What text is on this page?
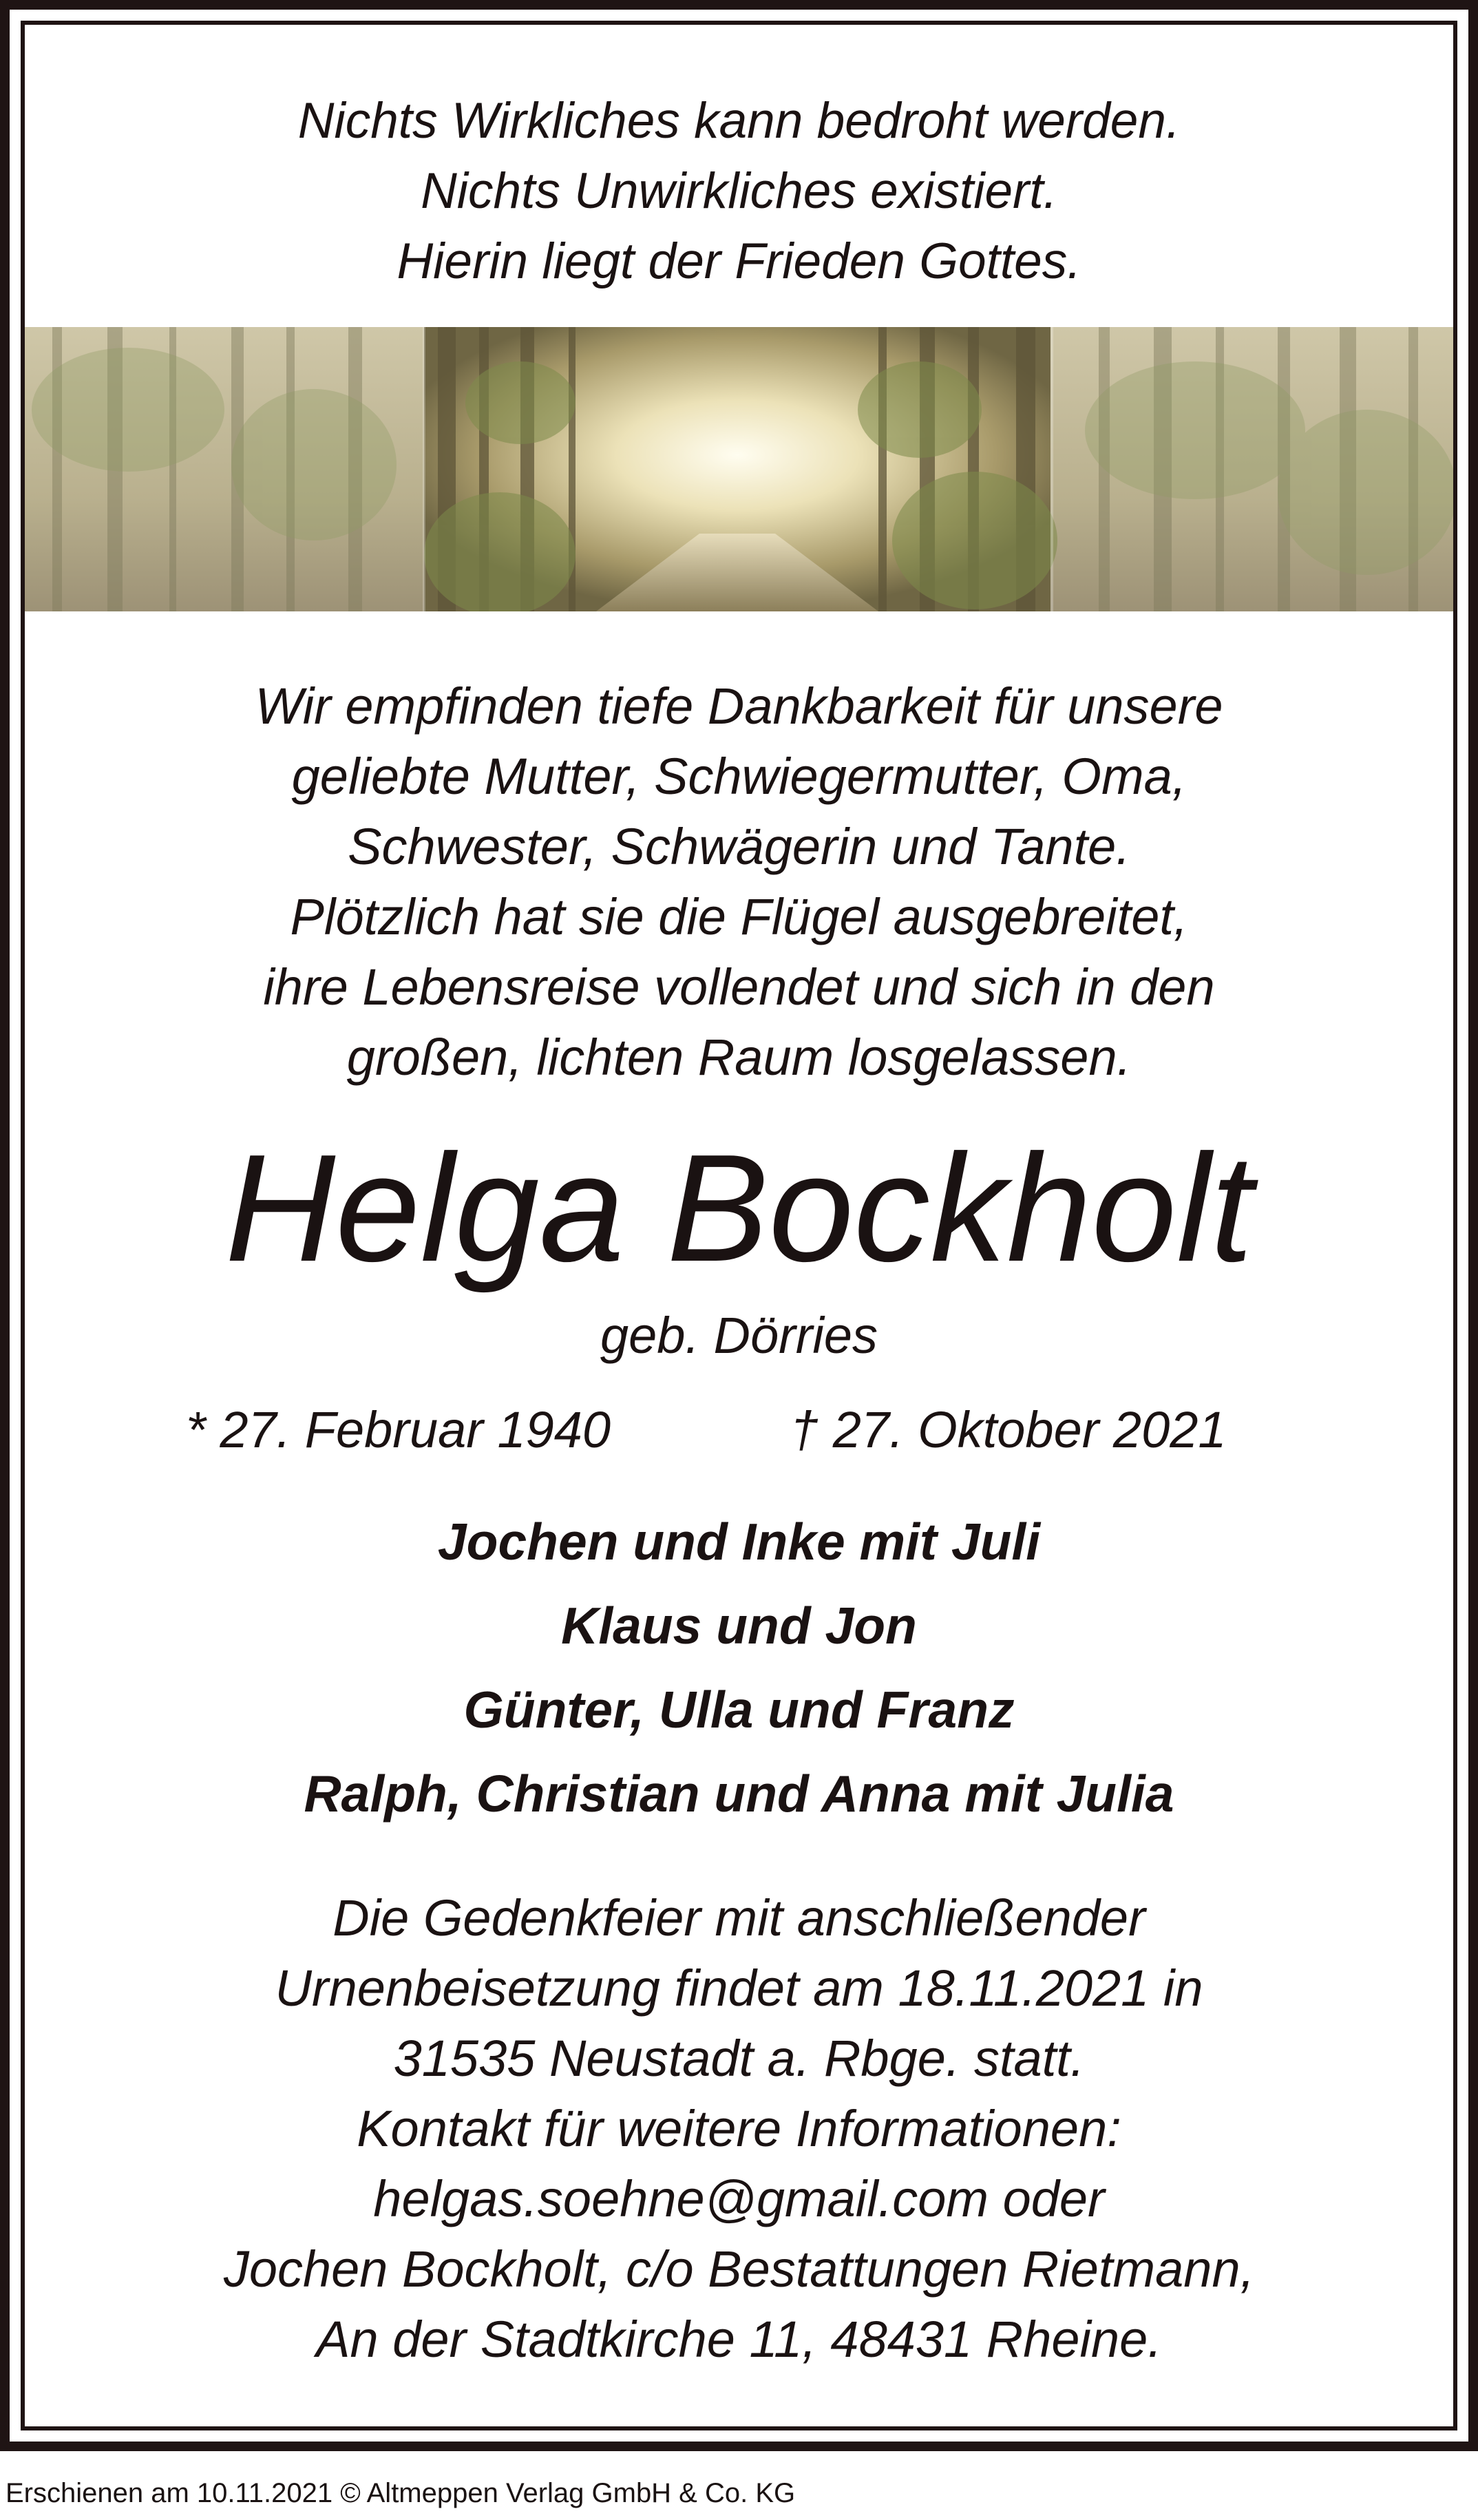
Nichts Wirkliches kann bedroht werden.
Nichts Unwirkliches existiert.
Hierin liegt der Frieden Gottes.
Wir empfinden tiefe Dankbarkeit für unsere
geliebte Mutter, Schwiegermutter, Oma,
Schwester, Schwägerin und Tante.
Plötzlich hat sie die Flügel ausgebreitet,
ihre Lebensreise vollendet und sich in den
großen, lichten Raum losgelassen.
Helga Bockholt
geb. Dörries
* 27. Februar 1940	† 27. Oktober 2021
Jochen und Inke mit Juli
Klaus und Jon
Günter, Ulla und Franz
Ralph, Christian und Anna mit Julia
Die Gedenkfeier mit anschließender
Urnenbeisetzung findet am 18.11.2021 in
31535 Neustadt a. Rbge. statt.
Kontakt für weitere Informationen:
helgas.soehne@gmail.com oder
Jochen Bockholt, c/o Bestattungen Rietmann,
An der Stadtkirche 11, 48431 Rheine.
Erschienen am 10.11.2021 © Altmeppen Verlag GmbH & Co. KG
